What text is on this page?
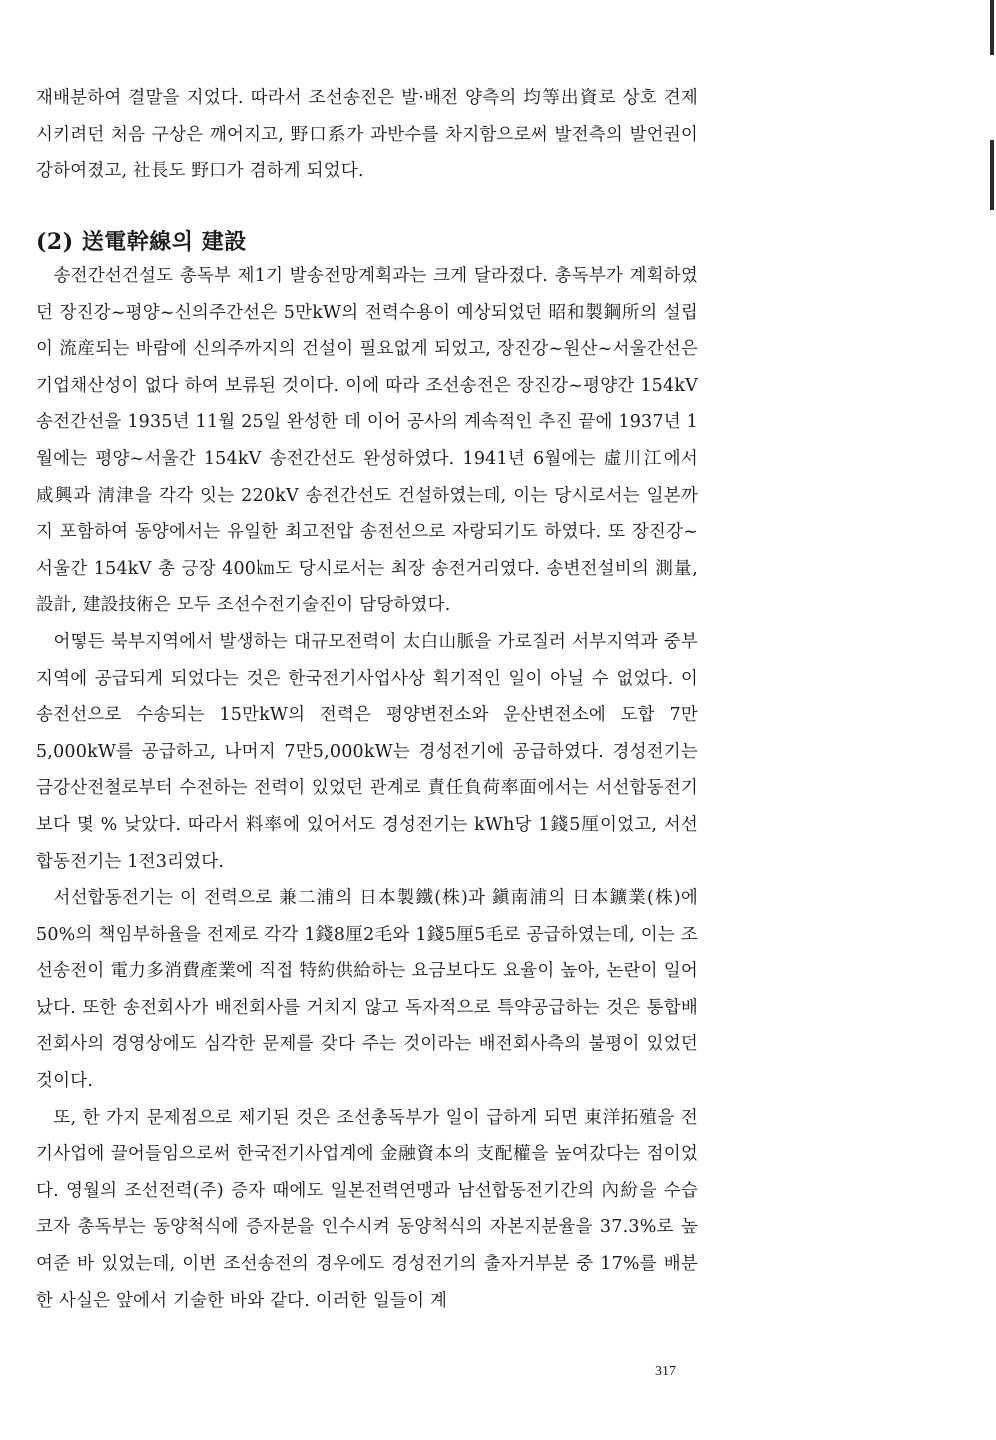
재배분하여 결말을 지었다. 따라서 조선송전은 발·배전 양측의 均等出資로 상호 견제시키려던 처음 구상은 깨어지고, 野口系가 과반수를 차지함으로써 발전측의 발언권이 강하여졌고, 社長도 野口가 겸하게 되었다.

(2) 送電幹線의 建設

송전간선건설도 총독부 제1기 발송전망계획과는 크게 달라졌다. 총독부가 계획하였던 장진강~평양~신의주간선은 5만kW의 전력수용이 예상되었던 昭和製鋼所의 설립이 流産되는 바람에 신의주까지의 건설이 필요없게 되었고, 장진강~원산~서울간선은 기업채산성이 없다 하여 보류된 것이다. 이에 따라 조선송전은 장진강~평양간 154kV 송전간선을 1935년 11월 25일 완성한 데 이어 공사의 계속적인 추진 끝에 1937년 1월에는 평양~서울간 154kV 송전간선도 완성하였다. 1941년 6월에는 虛川江에서 咸興과 淸津을 각각 잇는 220kV 송전간선도 건설하였는데, 이는 당시로서는 일본까지 포함하여 동양에서는 유일한 최고전압 송전선으로 자랑되기도 하였다. 또 장진강~서울간 154kV 총 긍장 400㎞도 당시로서는 최장 송전거리였다. 송변전설비의 測量, 設計, 建設技術은 모두 조선수전기술진이 담당하였다.

어떻든 북부지역에서 발생하는 대규모전력이 太白山脈을 가로질러 서부지역과 중부지역에 공급되게 되었다는 것은 한국전기사업사상 획기적인 일이 아닐 수 없었다. 이 송전선으로 수송되는 15만kW의 전력은 평양변전소와 운산변전소에 도합 7만5,000kW를 공급하고, 나머지 7만5,000kW는 경성전기에 공급하였다. 경성전기는 금강산전철로부터 수전하는 전력이 있었던 관계로 責任負荷率面에서는 서선합동전기보다 몇 % 낮았다. 따라서 料率에 있어서도 경성전기는 kWh당 1錢5厘이었고, 서선합동전기는 1전3리였다.

서선합동전기는 이 전력으로 兼二浦의 日本製鐵(株)과 鎭南浦의 日本鑛業(株)에 50%의 책임부하율을 전제로 각각 1錢8厘2毛와 1錢5厘5毛로 공급하였는데, 이는 조선송전이 電力多消費產業에 직접 特約供給하는 요금보다도 요율이 높아, 논란이 일어났다. 또한 송전회사가 배전회사를 거치지 않고 독자적으로 특약공급하는 것은 통합배전회사의 경영상에도 심각한 문제를 갖다 주는 것이라는 배전회사측의 불평이 있었던 것이다.

또, 한 가지 문제점으로 제기된 것은 조선총독부가 일이 급하게 되면 東洋拓殖을 전기사업에 끌어들임으로써 한국전기사업계에 金融資本의 支配權을 높여갔다는 점이었다. 영월의 조선전력(주) 증자 때에도 일본전력연맹과 남선합동전기간의 內紛을 수습코자 총독부는 동양척식에 증자분을 인수시켜 동양척식의 자본지분율을 37.3%로 높여준 바 있었는데, 이번 조선송전의 경우에도 경성전기의 출자거부분 중 17%를 배분한 사실은 앞에서 기술한 바와 같다. 이러한 일들이 계

317
